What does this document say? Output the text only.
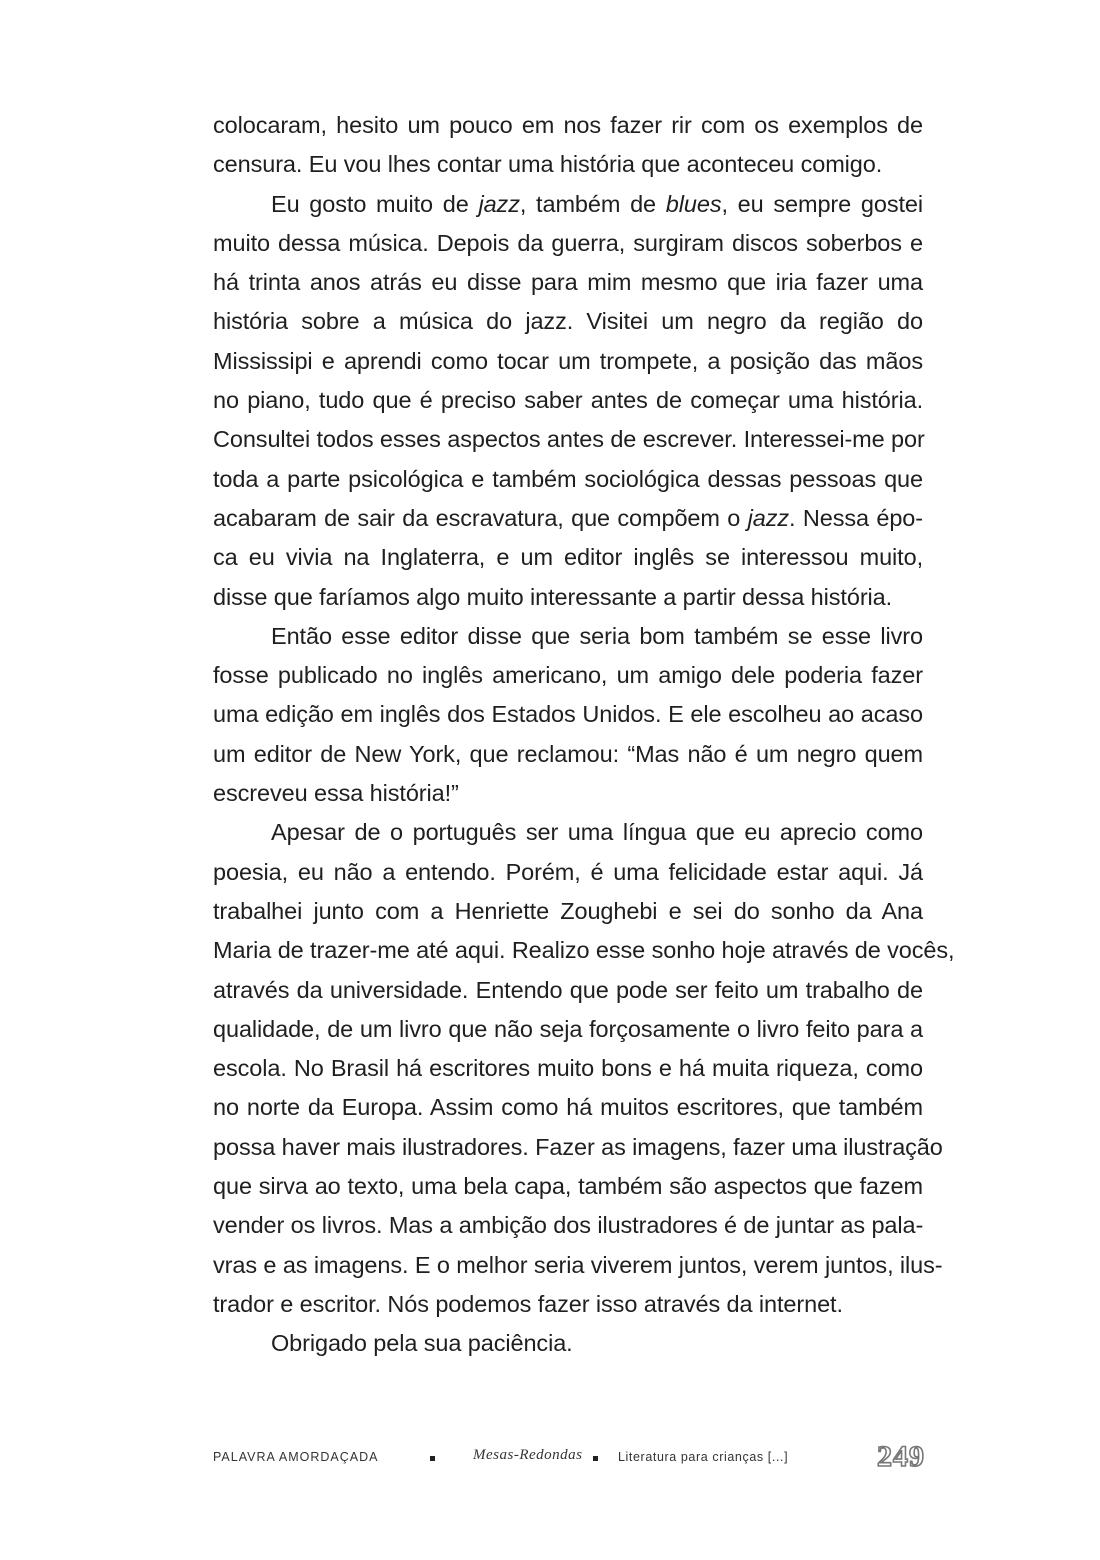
colocaram, hesito um pouco em nos fazer rir com os exemplos de
censura. Eu vou lhes contar uma história que aconteceu comigo.
Eu gosto muito de jazz, também de blues, eu sempre gostei
muito dessa música. Depois da guerra, surgiram discos soberbos e
há trinta anos atrás eu disse para mim mesmo que iria fazer uma
história sobre a música do jazz. Visitei um negro da região do
Mississipi e aprendi como tocar um trompete, a posição das mãos
no piano, tudo que é preciso saber antes de começar uma história.
Consultei todos esses aspectos antes de escrever. Interessei-me por
toda a parte psicológica e também sociológica dessas pessoas que
acabaram de sair da escravatura, que compõem o jazz. Nessa épo-
ca eu vivia na Inglaterra, e um editor inglês se interessou muito,
disse que faríamos algo muito interessante a partir dessa história.
Então esse editor disse que seria bom também se esse livro
fosse publicado no inglês americano, um amigo dele poderia fazer
uma edição em inglês dos Estados Unidos. E ele escolheu ao acaso
um editor de New York, que reclamou: “Mas não é um negro quem
escreveu essa história!”
Apesar de o português ser uma língua que eu aprecio como
poesia, eu não a entendo. Porém, é uma felicidade estar aqui. Já
trabalhei junto com a Henriette Zoughebi e sei do sonho da Ana
Maria de trazer-me até aqui. Realizo esse sonho hoje através de vocês,
através da universidade. Entendo que pode ser feito um trabalho de
qualidade, de um livro que não seja forçosamente o livro feito para a
escola. No Brasil há escritores muito bons e há muita riqueza, como
no norte da Europa. Assim como há muitos escritores, que também
possa haver mais ilustradores. Fazer as imagens, fazer uma ilustração
que sirva ao texto, uma bela capa, também são aspectos que fazem
vender os livros. Mas a ambição dos ilustradores é de juntar as pala-
vras e as imagens. E o melhor seria viverem juntos, verem juntos, ilus-
trador e escritor. Nós podemos fazer isso através da internet.
Obrigado pela sua paciência.
PALAVRA AMORDAÇADA	Mesas-Redondas	Literatura para crianças [...]	249
